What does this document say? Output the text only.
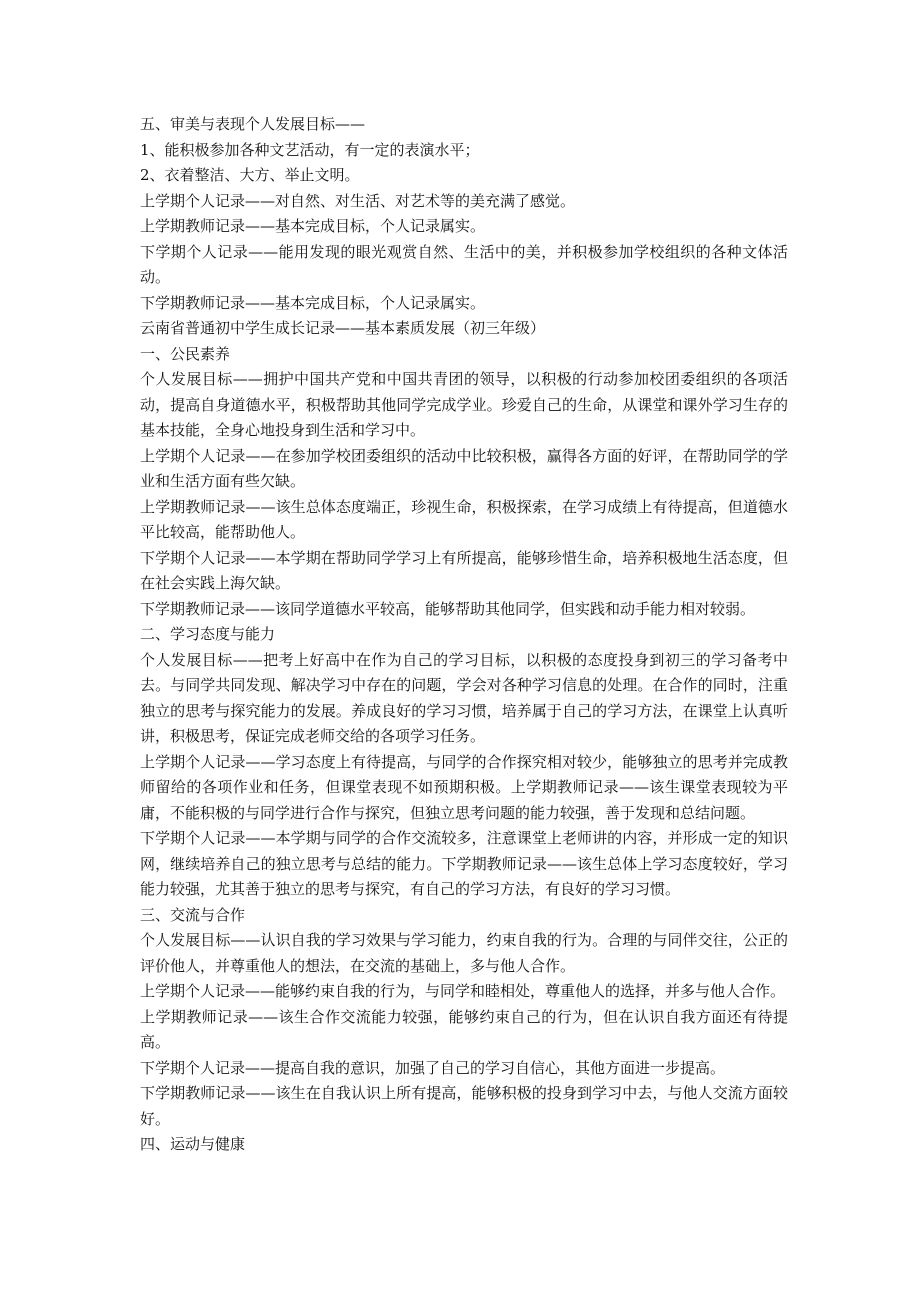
五、审美与表现个人发展目标——

1、能积极参加各种文艺活动，有一定的表演水平；

2、衣着整洁、大方、举止文明。

上学期个人记录——对自然、对生活、对艺术等的美充满了感觉。

上学期教师记录——基本完成目标，个人记录属实。

下学期个人记录——能用发现的眼光观赏自然、生活中的美，并积极参加学校组织的各种文体活动。

下学期教师记录——基本完成目标，个人记录属实。

云南省普通初中学生成长记录——基本素质发展（初三年级）

一、公民素养

个人发展目标——拥护中国共产党和中国共青团的领导，以积极的行动参加校团委组织的各项活动，提高自身道德水平，积极帮助其他同学完成学业。珍爱自己的生命，从课堂和课外学习生存的基本技能，全身心地投身到生活和学习中。

上学期个人记录——在参加学校团委组织的活动中比较积极，赢得各方面的好评，在帮助同学的学业和生活方面有些欠缺。

上学期教师记录——该生总体态度端正，珍视生命，积极探索，在学习成绩上有待提高，但道德水平比较高，能帮助他人。

下学期个人记录——本学期在帮助同学学习上有所提高，能够珍惜生命，培养积极地生活态度，但在社会实践上海欠缺。

下学期教师记录——该同学道德水平较高，能够帮助其他同学，但实践和动手能力相对较弱。

二、学习态度与能力

个人发展目标——把考上好高中在作为自己的学习目标，以积极的态度投身到初三的学习备考中去。与同学共同发现、解决学习中存在的问题，学会对各种学习信息的处理。在合作的同时，注重独立的思考与探究能力的发展。养成良好的学习习惯，培养属于自己的学习方法，在课堂上认真听讲，积极思考，保证完成老师交给的各项学习任务。

上学期个人记录——学习态度上有待提高，与同学的合作探究相对较少，能够独立的思考并完成教师留给的各项作业和任务，但课堂表现不如预期积极。上学期教师记录——该生课堂表现较为平庸，不能积极的与同学进行合作与探究，但独立思考问题的能力较强，善于发现和总结问题。

下学期个人记录——本学期与同学的合作交流较多，注意课堂上老师讲的内容，并形成一定的知识网，继续培养自己的独立思考与总结的能力。下学期教师记录——该生总体上学习态度较好，学习能力较强，尤其善于独立的思考与探究，有自己的学习方法，有良好的学习习惯。

三、交流与合作

个人发展目标——认识自我的学习效果与学习能力，约束自我的行为。合理的与同伴交往，公正的评价他人，并尊重他人的想法，在交流的基础上，多与他人合作。

上学期个人记录——能够约束自我的行为，与同学和睦相处，尊重他人的选择，并多与他人合作。

上学期教师记录——该生合作交流能力较强，能够约束自己的行为，但在认识自我方面还有待提高。

下学期个人记录——提高自我的意识，加强了自己的学习自信心，其他方面进一步提高。

下学期教师记录——该生在自我认识上所有提高，能够积极的投身到学习中去，与他人交流方面较好。

四、运动与健康
